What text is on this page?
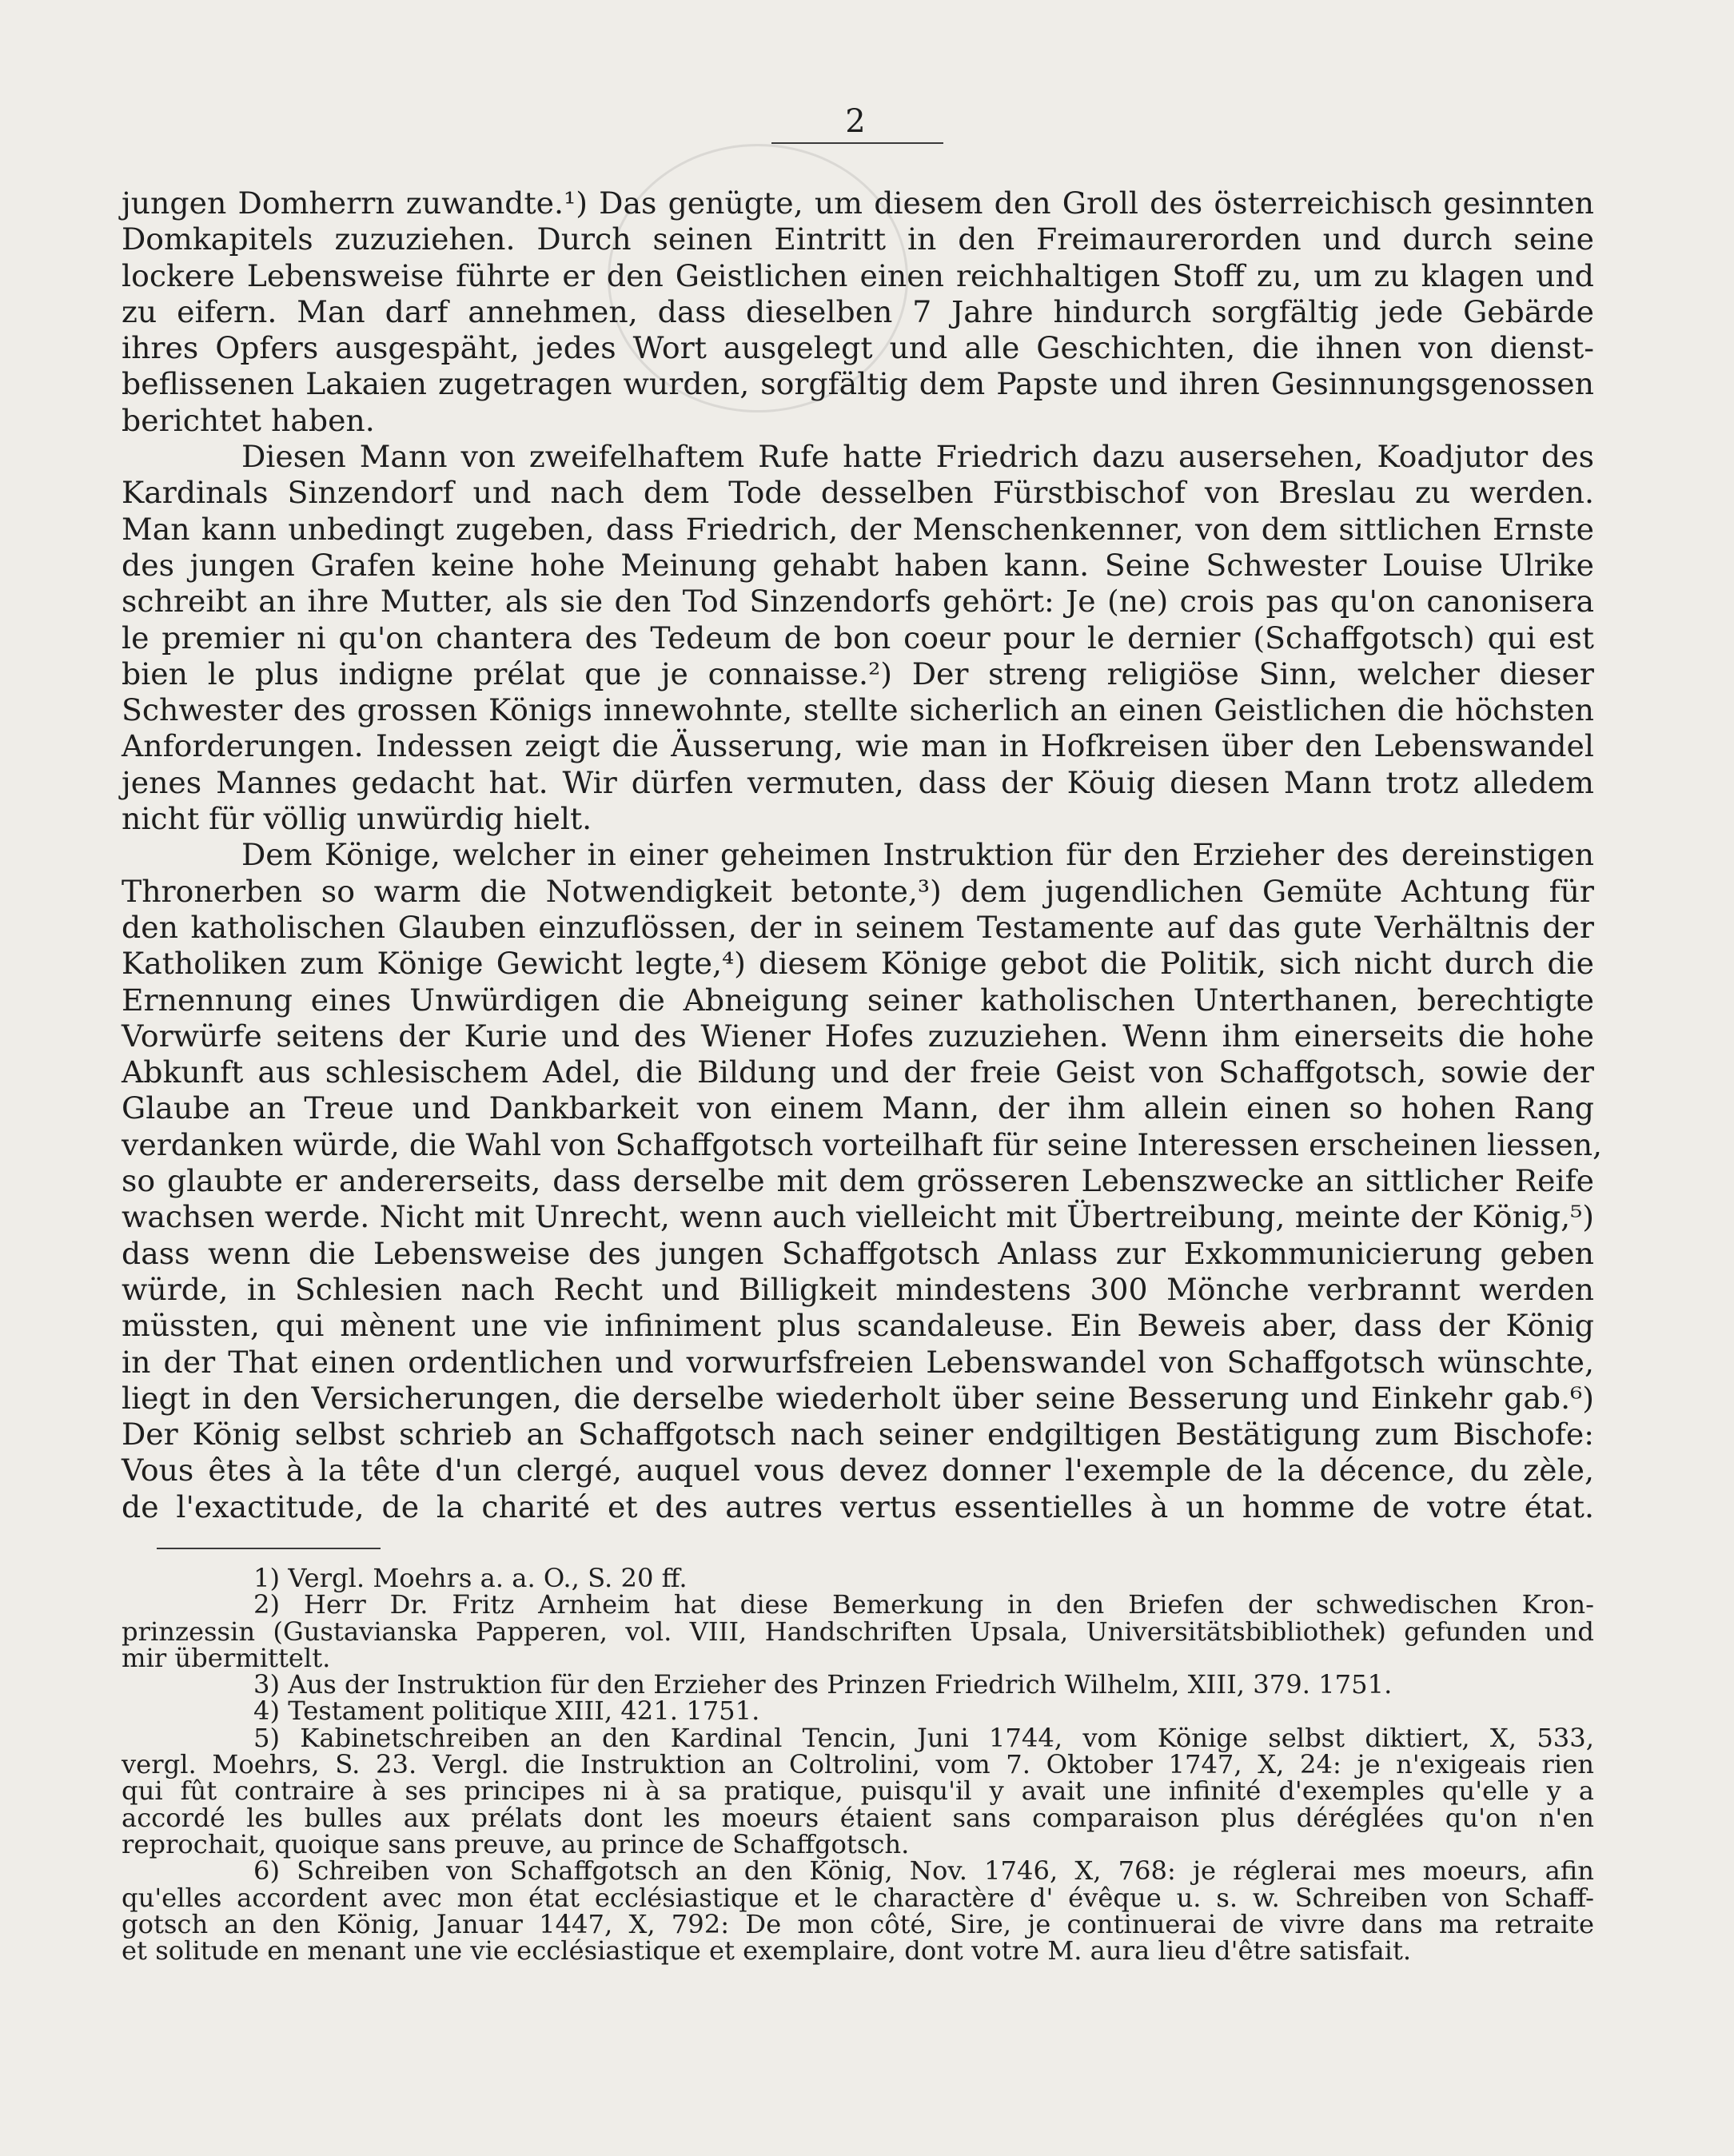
2
jungen Domherrn zuwandte.¹) Das genügte, um diesem den Groll des österreichisch gesinnten
Domkapitels zuzuziehen. Durch seinen Eintritt in den Freimaurerorden und durch seine
lockere Lebensweise führte er den Geistlichen einen reichhaltigen Stoff zu, um zu klagen und
zu eifern. Man darf annehmen, dass dieselben 7 Jahre hindurch sorgfältig jede Gebärde
ihres Opfers ausgespäht, jedes Wort ausgelegt und alle Geschichten, die ihnen von dienst-
beflissenen Lakaien zugetragen wurden, sorgfältig dem Papste und ihren Gesinnungsgenossen
berichtet haben.
Diesen Mann von zweifelhaftem Rufe hatte Friedrich dazu ausersehen, Koadjutor des
Kardinals Sinzendorf und nach dem Tode desselben Fürstbischof von Breslau zu werden.
Man kann unbedingt zugeben, dass Friedrich, der Menschenkenner, von dem sittlichen Ernste
des jungen Grafen keine hohe Meinung gehabt haben kann. Seine Schwester Louise Ulrike
schreibt an ihre Mutter, als sie den Tod Sinzendorfs gehört: Je (ne) crois pas qu'on canonisera
le premier ni qu'on chantera des Tedeum de bon coeur pour le dernier (Schaffgotsch) qui est
bien le plus indigne prélat que je connaisse.²) Der streng religiöse Sinn, welcher dieser
Schwester des grossen Königs innewohnte, stellte sicherlich an einen Geistlichen die höchsten
Anforderungen. Indessen zeigt die Äusserung, wie man in Hofkreisen über den Lebenswandel
jenes Mannes gedacht hat. Wir dürfen vermuten, dass der Köuig diesen Mann trotz alledem
nicht für völlig unwürdig hielt.
Dem Könige, welcher in einer geheimen Instruktion für den Erzieher des dereinstigen
Thronerben so warm die Notwendigkeit betonte,³) dem jugendlichen Gemüte Achtung für
den katholischen Glauben einzuflössen, der in seinem Testamente auf das gute Verhältnis der
Katholiken zum Könige Gewicht legte,⁴) diesem Könige gebot die Politik, sich nicht durch die
Ernennung eines Unwürdigen die Abneigung seiner katholischen Unterthanen, berechtigte
Vorwürfe seitens der Kurie und des Wiener Hofes zuzuziehen. Wenn ihm einerseits die hohe
Abkunft aus schlesischem Adel, die Bildung und der freie Geist von Schaffgotsch, sowie der
Glaube an Treue und Dankbarkeit von einem Mann, der ihm allein einen so hohen Rang
verdanken würde, die Wahl von Schaffgotsch vorteilhaft für seine Interessen erscheinen liessen,
so glaubte er andererseits, dass derselbe mit dem grösseren Lebenszwecke an sittlicher Reife
wachsen werde. Nicht mit Unrecht, wenn auch vielleicht mit Übertreibung, meinte der König,⁵)
dass wenn die Lebensweise des jungen Schaffgotsch Anlass zur Exkommunicierung geben
würde, in Schlesien nach Recht und Billigkeit mindestens 300 Mönche verbrannt werden
müssten, qui mènent une vie infiniment plus scandaleuse. Ein Beweis aber, dass der König
in der That einen ordentlichen und vorwurfsfreien Lebenswandel von Schaffgotsch wünschte,
liegt in den Versicherungen, die derselbe wiederholt über seine Besserung und Einkehr gab.⁶)
Der König selbst schrieb an Schaffgotsch nach seiner endgiltigen Bestätigung zum Bischofe:
Vous êtes à la tête d'un clergé, auquel vous devez donner l'exemple de la décence, du zèle,
de l'exactitude, de la charité et des autres vertus essentielles à un homme de votre état.
1) Vergl. Moehrs a. a. O., S. 20 ff.
2) Herr Dr. Fritz Arnheim hat diese Bemerkung in den Briefen der schwedischen Kron-
prinzessin (Gustavianska Papperen, vol. VIII, Handschriften Upsala, Universitätsbibliothek) gefunden und
mir übermittelt.
3) Aus der Instruktion für den Erzieher des Prinzen Friedrich Wilhelm, XIII, 379. 1751.
4) Testament politique XIII, 421. 1751.
5) Kabinetschreiben an den Kardinal Tencin, Juni 1744, vom Könige selbst diktiert, X, 533,
vergl. Moehrs, S. 23. Vergl. die Instruktion an Coltrolini, vom 7. Oktober 1747, X, 24: je n'exigeais rien
qui fût contraire à ses principes ni à sa pratique, puisqu'il y avait une infinité d'exemples qu'elle y a
accordé les bulles aux prélats dont les moeurs étaient sans comparaison plus déréglées qu'on n'en
reprochait, quoique sans preuve, au prince de Schaffgotsch.
6) Schreiben von Schaffgotsch an den König, Nov. 1746, X, 768: je réglerai mes moeurs, afin
qu'elles accordent avec mon état ecclésiastique et le charactère d' évêque u. s. w. Schreiben von Schaff-
gotsch an den König, Januar 1447, X, 792: De mon côté, Sire, je continuerai de vivre dans ma retraite
et solitude en menant une vie ecclésiastique et exemplaire, dont votre M. aura lieu d'être satisfait.
